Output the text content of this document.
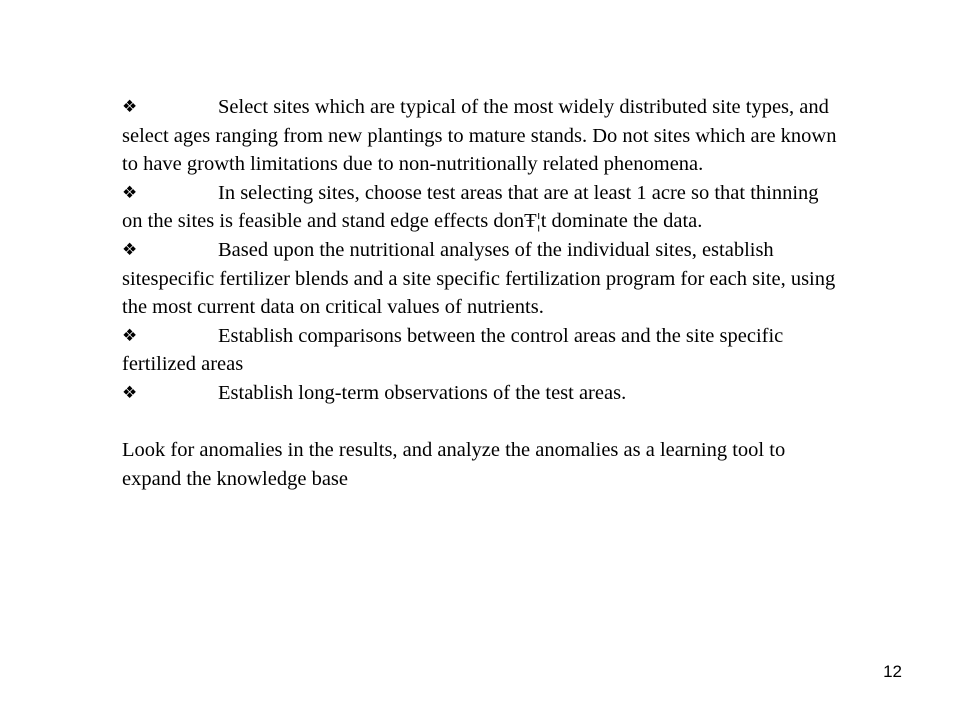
❖	Select sites which are typical of the most widely distributed site types, and select ages ranging from new plantings to mature stands. Do not sites which are known to have growth limitations due to non-nutritionally related phenomena.

❖	In selecting sites, choose test areas that are at least 1 acre so that thinning on the sites is feasible and stand edge effects donŦ¦t dominate the data.

❖	Based upon the nutritional analyses of the individual sites, establish sitespecific fertilizer blends and a site specific fertilization program for each site, using the most current data on critical values of nutrients.

❖	Establish comparisons between the control areas and the site specific fertilized areas

❖	Establish long-term observations of the test areas.

Look for anomalies in the results, and analyze the anomalies as a learning tool to expand the knowledge base

12
